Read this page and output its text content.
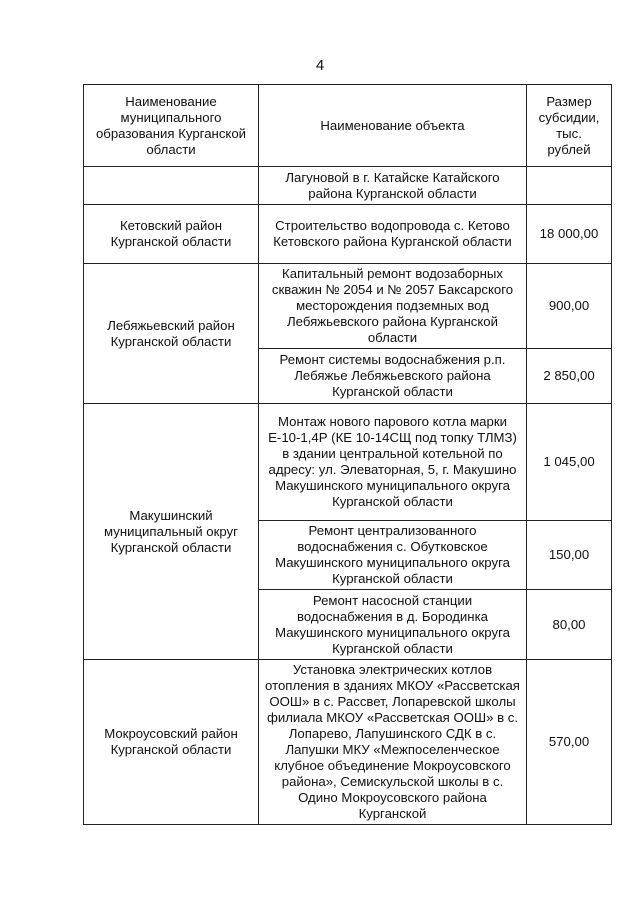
4
Наименование муниципального образования Курганской области	Наименование объекта	Размер субсидии, тыс. рублей
	Лагуновой в г. Катайске Катайского района Курганской области	
Кетовский район Курганской области	Строительство водопровода с. Кетово Кетовского района Курганской области	18 000,00
Лебяжьевский район Курганской области	Капитальный ремонт водозаборных скважин № 2054 и № 2057 Баксарского месторождения подземных вод Лебяжьевского района Курганской области	900,00
	Ремонт системы водоснабжения р.п. Лебяжье Лебяжьевского района Курганской области	2 850,00
Макушинский муниципальный округ Курганской области	Монтаж нового парового котла марки Е-10-1,4Р (КЕ 10-14СЩ под топку ТЛМЗ) в здании центральной котельной по адресу: ул. Элеваторная, 5, г. Макушино Макушинского муниципального округа Курганской области	1 045,00
	Ремонт централизованного водоснабжения с. Обутковское Макушинского муниципального округа Курганской области	150,00
	Ремонт насосной станции водоснабжения в д. Бородинка Макушинского муниципального округа Курганской области	80,00
Мокроусовский район Курганской области	Установка электрических котлов отопления в зданиях МКОУ «Рассветская ООШ» в с. Рассвет, Лопаревской школы филиала МКОУ «Рассветская ООШ» в с. Лопарево, Лапушинского СДК в с. Лапушки МКУ «Межпоселенческое клубное объединение Мокроусовского района», Семискульской школы в с. Одино Мокроусовского района Курганской	570,00
